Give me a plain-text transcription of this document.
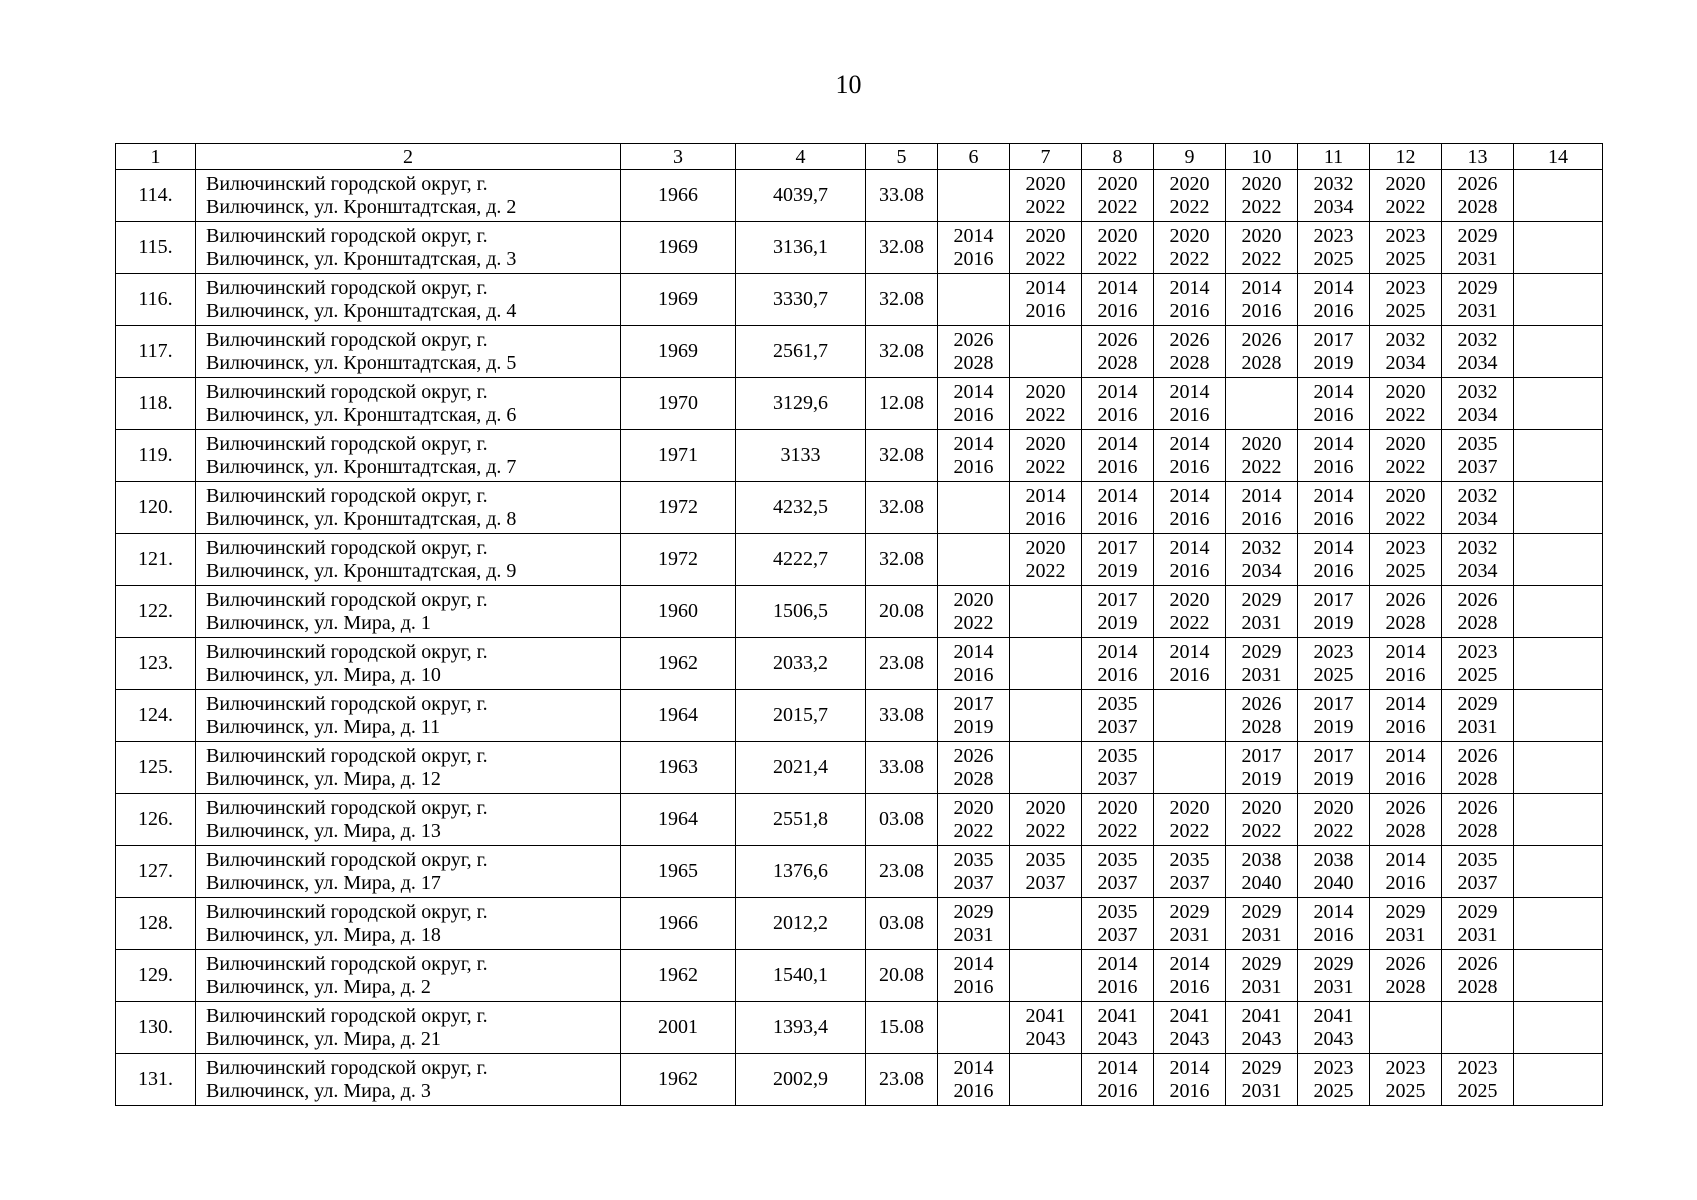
10
1	2	3	4	5	6	7	8	9	10	11	12	13	14
114.	Вилючинский городской округ, г.
Вилючинск, ул. Кронштадтская, д. 2	1966	4039,7	33.08		2020
2022	2020
2022	2020
2022	2020
2022	2032
2034	2020
2022	2026
2028	

115.	Вилючинский городской округ, г.
Вилючинск, ул. Кронштадтская, д. 3	1969	3136,1	32.08	2014
2016	2020
2022	2020
2022	2020
2022	2020
2022	2023
2025	2023
2025	2029
2031	

116.	Вилючинский городской округ, г.
Вилючинск, ул. Кронштадтская, д. 4	1969	3330,7	32.08		2014
2016	2014
2016	2014
2016	2014
2016	2014
2016	2023
2025	2029
2031	

117.	Вилючинский городской округ, г.
Вилючинск, ул. Кронштадтская, д. 5	1969	2561,7	32.08	2026
2028		2026
2028	2026
2028	2026
2028	2017
2019	2032
2034	2032
2034	

118.	Вилючинский городской округ, г.
Вилючинск, ул. Кронштадтская, д. 6	1970	3129,6	12.08	2014
2016	2020
2022	2014
2016	2014
2016		2014
2016	2020
2022	2032
2034	

119.	Вилючинский городской округ, г.
Вилючинск, ул. Кронштадтская, д. 7	1971	3133	32.08	2014
2016	2020
2022	2014
2016	2014
2016	2020
2022	2014
2016	2020
2022	2035
2037	

120.	Вилючинский городской округ, г.
Вилючинск, ул. Кронштадтская, д. 8	1972	4232,5	32.08		2014
2016	2014
2016	2014
2016	2014
2016	2014
2016	2020
2022	2032
2034	

121.	Вилючинский городской округ, г.
Вилючинск, ул. Кронштадтская, д. 9	1972	4222,7	32.08		2020
2022	2017
2019	2014
2016	2032
2034	2014
2016	2023
2025	2032
2034	

122.	Вилючинский городской округ, г.
Вилючинск, ул. Мира, д. 1	1960	1506,5	20.08	2020
2022		2017
2019	2020
2022	2029
2031	2017
2019	2026
2028	2026
2028	

123.	Вилючинский городской округ, г.
Вилючинск, ул. Мира, д. 10	1962	2033,2	23.08	2014
2016		2014
2016	2014
2016	2029
2031	2023
2025	2014
2016	2023
2025	

124.	Вилючинский городской округ, г.
Вилючинск, ул. Мира, д. 11	1964	2015,7	33.08	2017
2019		2035
2037		2026
2028	2017
2019	2014
2016	2029
2031	

125.	Вилючинский городской округ, г.
Вилючинск, ул. Мира, д. 12	1963	2021,4	33.08	2026
2028		2035
2037		2017
2019	2017
2019	2014
2016	2026
2028	

126.	Вилючинский городской округ, г.
Вилючинск, ул. Мира, д. 13	1964	2551,8	03.08	2020
2022	2020
2022	2020
2022	2020
2022	2020
2022	2020
2022	2026
2028	2026
2028	

127.	Вилючинский городской округ, г.
Вилючинск, ул. Мира, д. 17	1965	1376,6	23.08	2035
2037	2035
2037	2035
2037	2035
2037	2038
2040	2038
2040	2014
2016	2035
2037	

128.	Вилючинский городской округ, г.
Вилючинск, ул. Мира, д. 18	1966	2012,2	03.08	2029
2031		2035
2037	2029
2031	2029
2031	2014
2016	2029
2031	2029
2031	

129.	Вилючинский городской округ, г.
Вилючинск, ул. Мира, д. 2	1962	1540,1	20.08	2014
2016		2014
2016	2014
2016	2029
2031	2029
2031	2026
2028	2026
2028	

130.	Вилючинский городской округ, г.
Вилючинск, ул. Мира, д. 21	2001	1393,4	15.08		2041
2043	2041
2043	2041
2043	2041
2043	2041
2043			

131.	Вилючинский городской округ, г.
Вилючинск, ул. Мира, д. 3	1962	2002,9	23.08	2014
2016		2014
2016	2014
2016	2029
2031	2023
2025	2023
2025	2023
2025	
